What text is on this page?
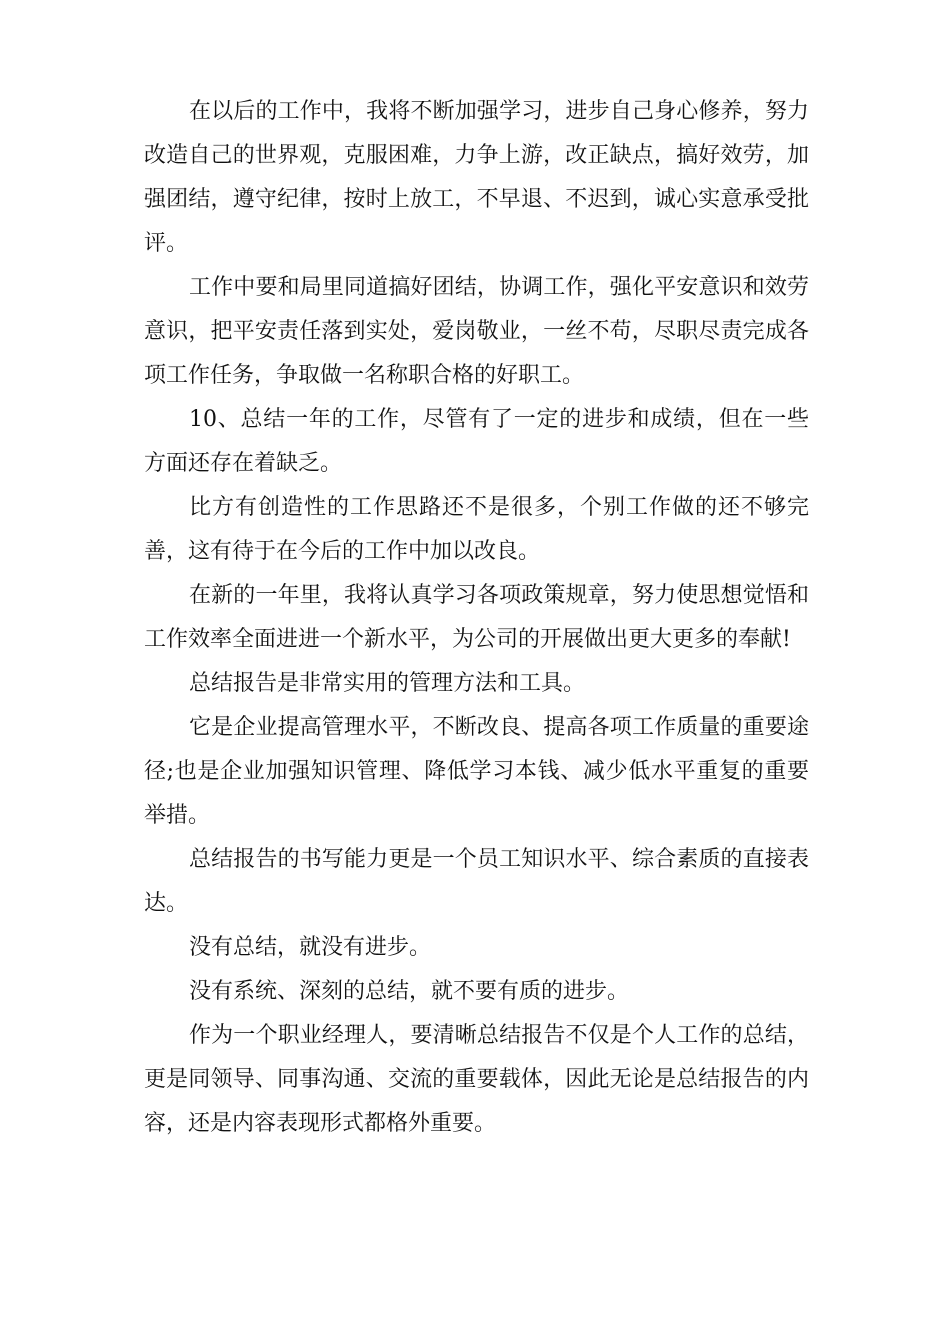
在以后的工作中，我将不断加强学习，进步自己身心修养，努力改造自己的世界观，克服困难，力争上游，改正缺点，搞好效劳，加强团结，遵守纪律，按时上放工，不早退、不迟到，诚心实意承受批评。

工作中要和局里同道搞好团结，协调工作，强化平安意识和效劳意识，把平安责任落到实处，爱岗敬业，一丝不苟，尽职尽责完成各项工作任务，争取做一名称职合格的好职工。

10、总结一年的工作，尽管有了一定的进步和成绩，但在一些方面还存在着缺乏。

比方有创造性的工作思路还不是很多，个别工作做的还不够完善，这有待于在今后的工作中加以改良。

在新的一年里，我将认真学习各项政策规章，努力使思想觉悟和工作效率全面进进一个新水平，为公司的开展做出更大更多的奉献!

总结报告是非常实用的管理方法和工具。

它是企业提高管理水平，不断改良、提高各项工作质量的重要途径;也是企业加强知识管理、降低学习本钱、减少低水平重复的重要举措。

总结报告的书写能力更是一个员工知识水平、综合素质的直接表达。

没有总结，就没有进步。

没有系统、深刻的总结，就不要有质的进步。

作为一个职业经理人，要清晰总结报告不仅是个人工作的总结，更是同领导、同事沟通、交流的重要载体，因此无论是总结报告的内容，还是内容表现形式都格外重要。
